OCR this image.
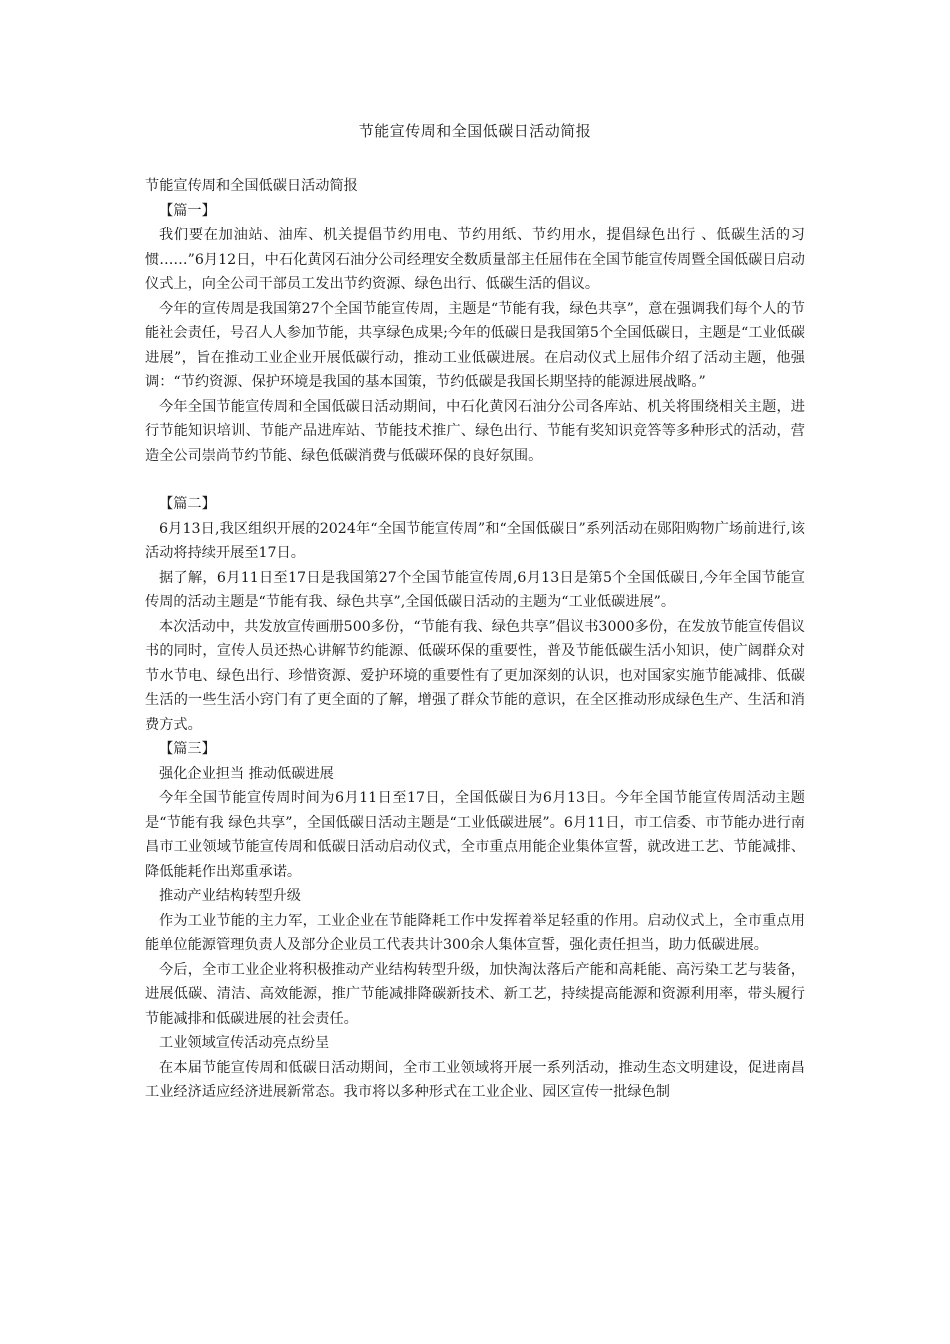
节能宣传周和全国低碳日活动简报

节能宣传周和全国低碳日活动简报

【篇一】

我们要在加油站、油库、机关提倡节约用电、节约用纸、节约用水，提倡绿色出行 、低碳生活的习惯……”6月12日，中石化黄冈石油分公司经理安全数质量部主任屈伟在全国节能宣传周暨全国低碳日启动仪式上，向全公司干部员工发出节约资源、绿色出行、低碳生活的倡议。

今年的宣传周是我国第27个全国节能宣传周，主题是“节能有我，绿色共享”，意在强调我们每个人的节能社会责任，号召人人参加节能，共享绿色成果;今年的低碳日是我国第5个全国低碳日，主题是“工业低碳进展”，旨在推动工业企业开展低碳行动，推动工业低碳进展。在启动仪式上屈伟介绍了活动主题，他强调：“节约资源、保护环境是我国的基本国策，节约低碳是我国长期坚持的能源进展战略。”

今年全国节能宣传周和全国低碳日活动期间，中石化黄冈石油分公司各库站、机关将围绕相关主题，进行节能知识培训、节能产品进库站、节能技术推广、绿色出行、节能有奖知识竞答等多种形式的活动，营造全公司崇尚节约节能、绿色低碳消费与低碳环保的良好氛围。

【篇二】

6月13日,我区组织开展的2024年“全国节能宣传周”和“全国低碳日”系列活动在郧阳购物广场前进行,该活动将持续开展至17日。

据了解，6月11日至17日是我国第27个全国节能宣传周,6月13日是第5个全国低碳日,今年全国节能宣传周的活动主题是“节能有我、绿色共享”,全国低碳日活动的主题为“工业低碳进展”。

本次活动中，共发放宣传画册500多份，“节能有我、绿色共享”倡议书3000多份，在发放节能宣传倡议书的同时，宣传人员还热心讲解节约能源、低碳环保的重要性，普及节能低碳生活小知识，使广阔群众对节水节电、绿色出行、珍惜资源、爱护环境的重要性有了更加深刻的认识，也对国家实施节能减排、低碳生活的一些生活小窍门有了更全面的了解，增强了群众节能的意识，在全区推动形成绿色生产、生活和消费方式。

【篇三】

强化企业担当 推动低碳进展

今年全国节能宣传周时间为6月11日至17日，全国低碳日为6月13日。今年全国节能宣传周活动主题是“节能有我 绿色共享”，全国低碳日活动主题是“工业低碳进展”。6月11日，市工信委、市节能办进行南昌市工业领域节能宣传周和低碳日活动启动仪式，全市重点用能企业集体宣誓，就改进工艺、节能减排、降低能耗作出郑重承诺。

推动产业结构转型升级

作为工业节能的主力军，工业企业在节能降耗工作中发挥着举足轻重的作用。启动仪式上，全市重点用能单位能源管理负责人及部分企业员工代表共计300余人集体宣誓，强化责任担当，助力低碳进展。

今后，全市工业企业将积极推动产业结构转型升级，加快淘汰落后产能和高耗能、高污染工艺与装备，进展低碳、清洁、高效能源，推广节能减排降碳新技术、新工艺，持续提高能源和资源利用率，带头履行节能减排和低碳进展的社会责任。

工业领域宣传活动亮点纷呈

在本届节能宣传周和低碳日活动期间，全市工业领域将开展一系列活动，推动生态文明建设，促进南昌工业经济适应经济进展新常态。我市将以多种形式在工业企业、园区宣传一批绿色制
